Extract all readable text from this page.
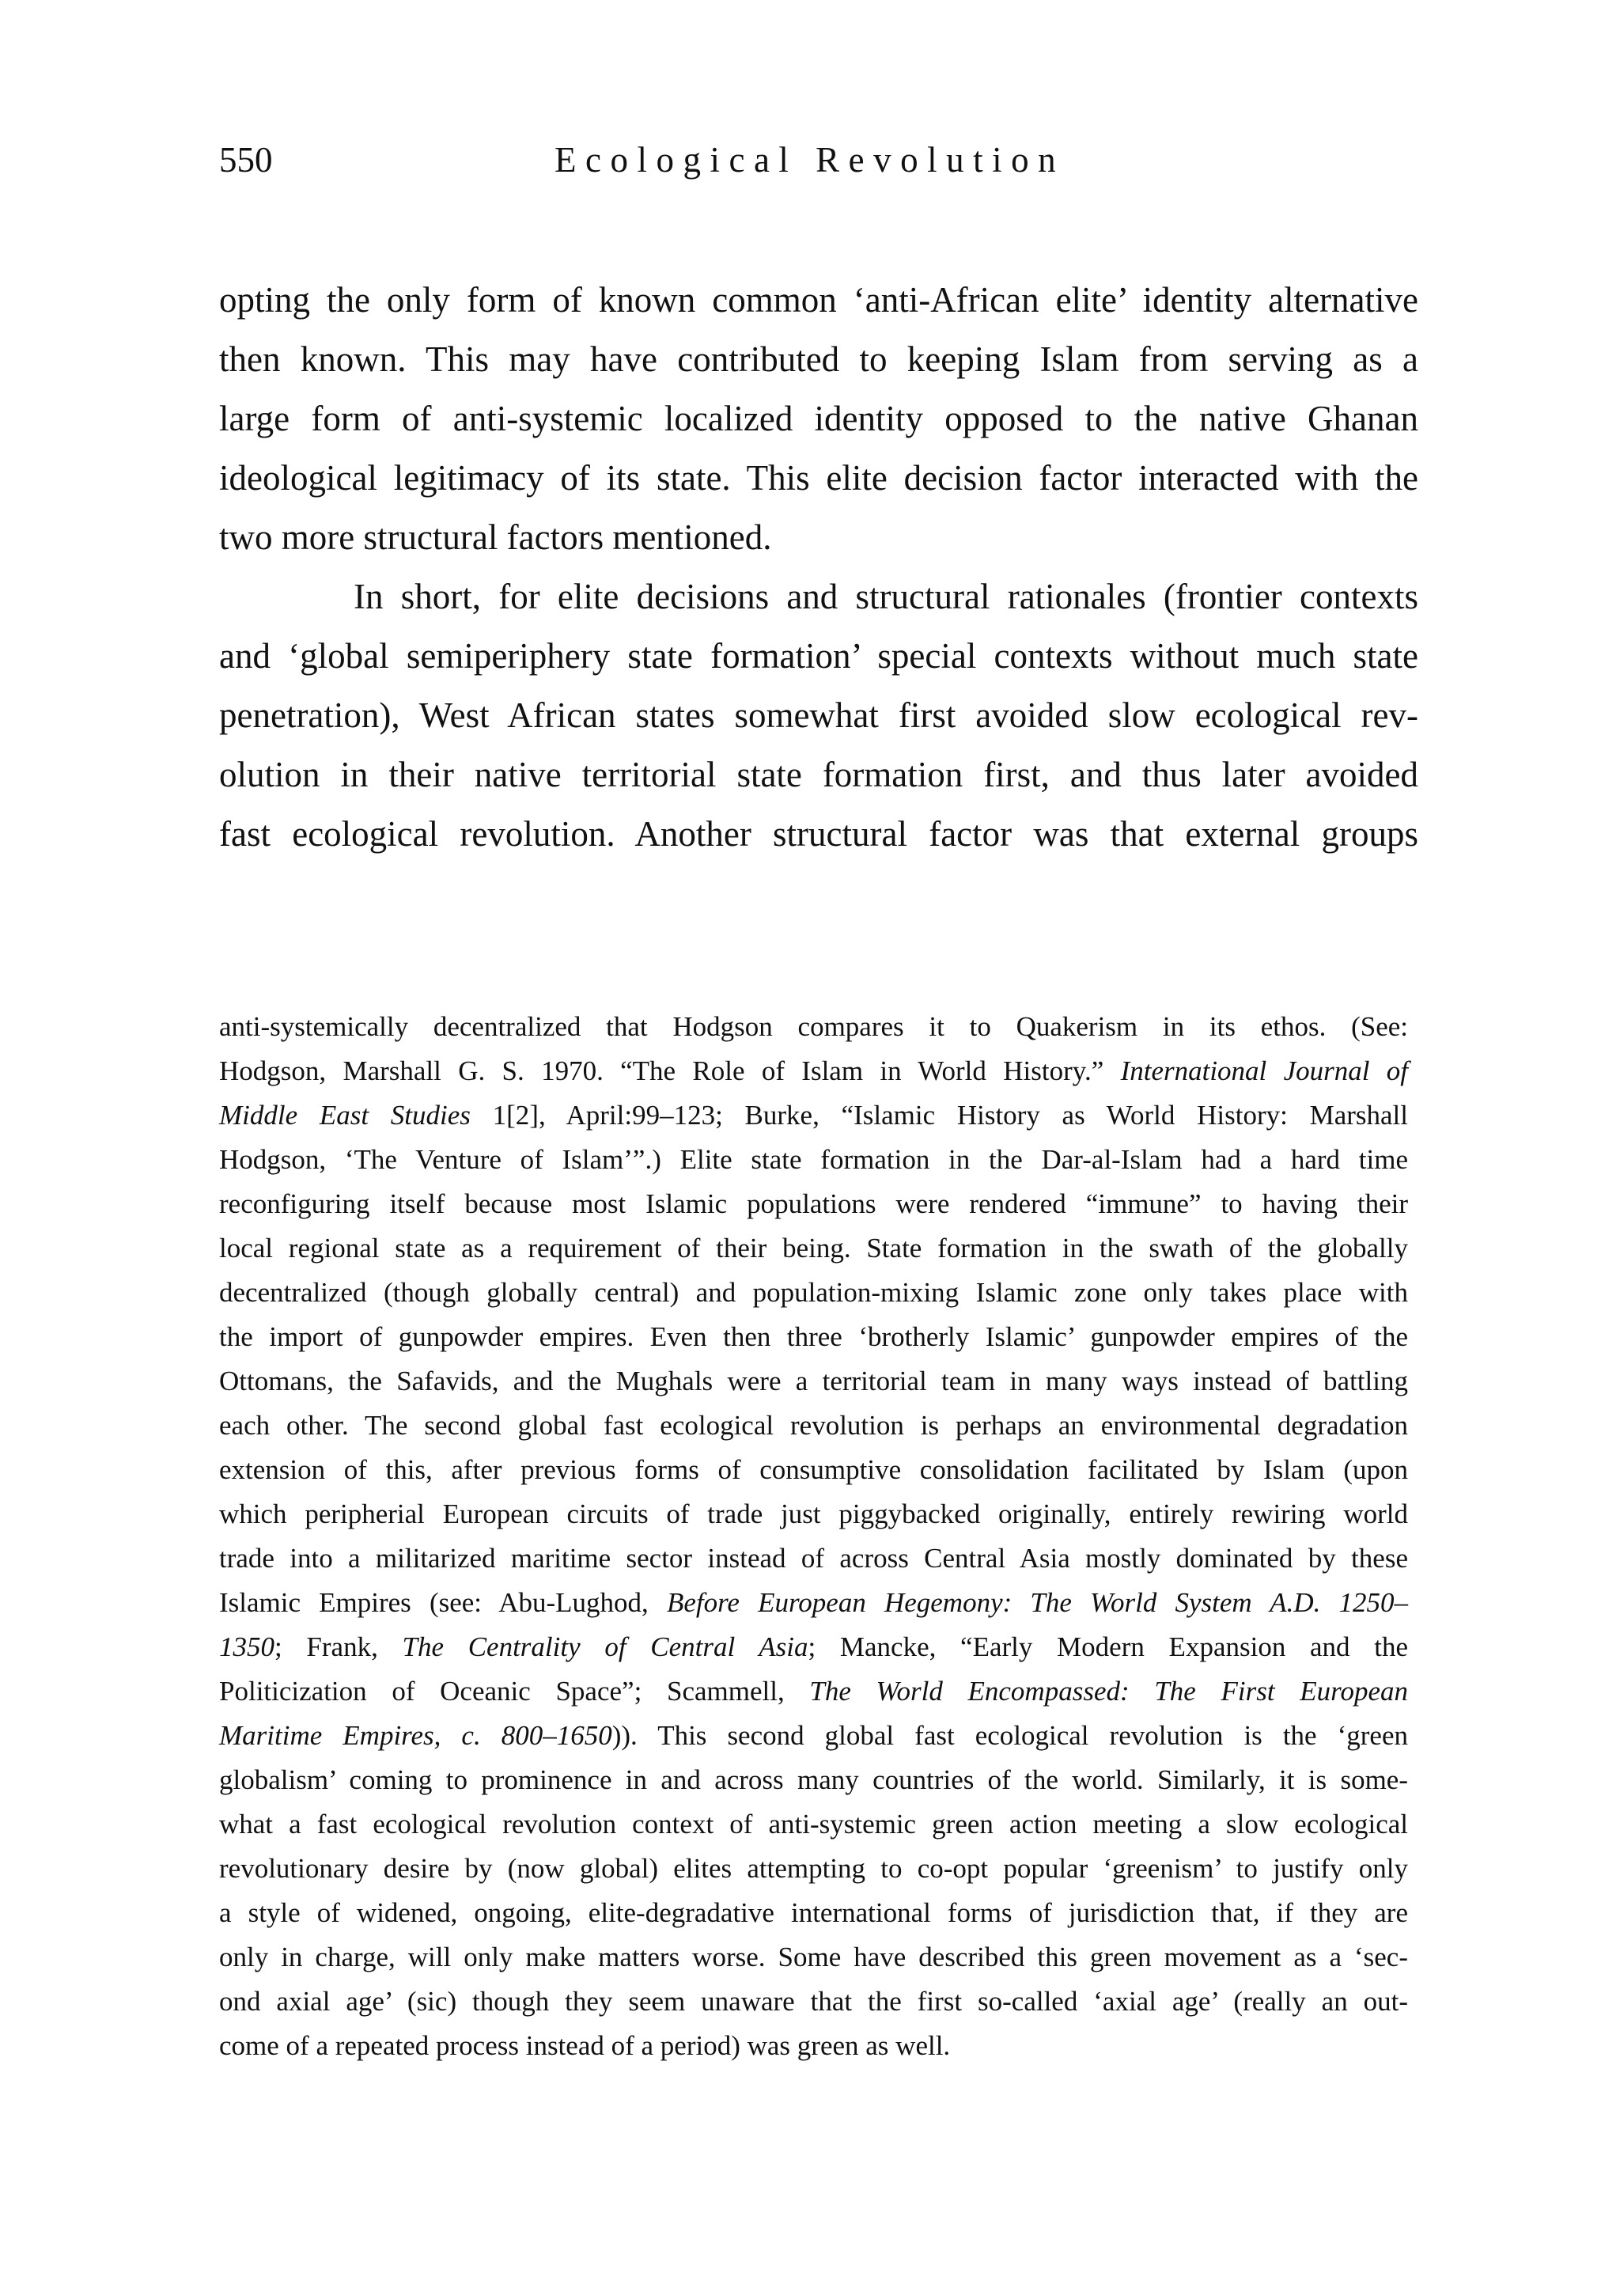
550	Ecological Revolution
opting the only form of known common ‘anti-African elite’ identity alternative
then known. This may have contributed to keeping Islam from serving as a
large form of anti-systemic localized identity opposed to the native Ghanan
ideological legitimacy of its state. This elite decision factor interacted with the
two more structural factors mentioned.
In short, for elite decisions and structural rationales (frontier contexts
and ‘global semiperiphery state formation’ special contexts without much state
penetration), West African states somewhat first avoided slow ecological rev-
olution in their native territorial state formation first, and thus later avoided
fast ecological revolution. Another structural factor was that external groups
anti-systemically decentralized that Hodgson compares it to Quakerism in its ethos. (See:
Hodgson, Marshall G. S. 1970. “The Role of Islam in World History.” International Journal of
Middle East Studies 1[2], April:99–123; Burke, “Islamic History as World History: Marshall
Hodgson, ‘The Venture of Islam’”.) Elite state formation in the Dar-al-Islam had a hard time
reconfiguring itself because most Islamic populations were rendered “immune” to having their
local regional state as a requirement of their being. State formation in the swath of the globally
decentralized (though globally central) and population-mixing Islamic zone only takes place with
the import of gunpowder empires. Even then three ‘brotherly Islamic’ gunpowder empires of the
Ottomans, the Safavids, and the Mughals were a territorial team in many ways instead of battling
each other. The second global fast ecological revolution is perhaps an environmental degradation
extension of this, after previous forms of consumptive consolidation facilitated by Islam (upon
which peripherial European circuits of trade just piggybacked originally, entirely rewiring world
trade into a militarized maritime sector instead of across Central Asia mostly dominated by these
Islamic Empires (see: Abu-Lughod, Before European Hegemony: The World System A.D. 1250–
1350; Frank, The Centrality of Central Asia; Mancke, “Early Modern Expansion and the
Politicization of Oceanic Space”; Scammell, The World Encompassed: The First European
Maritime Empires, c. 800–1650)). This second global fast ecological revolution is the ‘green
globalism’ coming to prominence in and across many countries of the world. Similarly, it is some-
what a fast ecological revolution context of anti-systemic green action meeting a slow ecological
revolutionary desire by (now global) elites attempting to co-opt popular ‘greenism’ to justify only
a style of widened, ongoing, elite-degradative international forms of jurisdiction that, if they are
only in charge, will only make matters worse. Some have described this green movement as a ‘sec-
ond axial age’ (sic) though they seem unaware that the first so-called ‘axial age’ (really an out-
come of a repeated process instead of a period) was green as well.
